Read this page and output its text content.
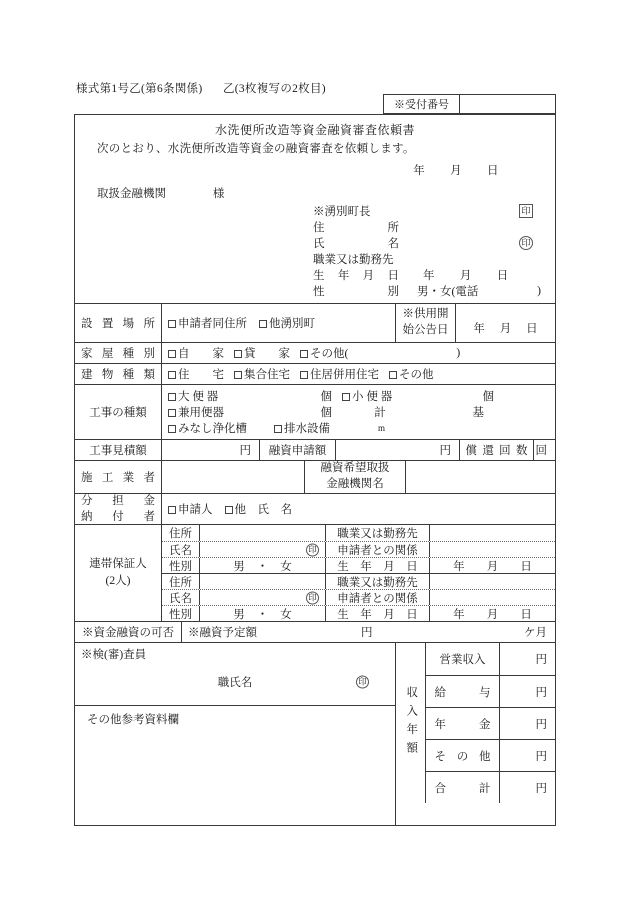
様式第1号乙(第6条関係) 乙(3枚複写の2枚目)
※受付番号
水洗便所改造等資金融資審査依頼書
次のとおり、水洗便所改造等資金の融資審査を依頼します。
年 月 日
取扱金融機関	様
※湧別町長	印
住　　　所
氏　　　名	印
職業又は勤務先
生 年 月 日 年 月 日
性　　　別 男・女(電話	)
設置場所	申請者同住所	他湧別町
※供用開
始公告日 年 月 日
家屋種別	自　　家	貸　　家	その他(	)
建物種類	住　　宅	集合住宅	住居併用住宅	その他
工事の種類
大 便 器	個	小 便 器	個
兼用便器	個	計	基
みなし浄化槽	排水設備	m
工事見積額	円 融資申請額	円 償還回数 回
施工業者
融資希望取扱
金融機関名
分　担　金
納　付　者
申請人	他　氏　名
連帯保証人
(2人)
住所	職業又は勤務先
氏名	印	申請者との関係
性別	男 ・ 女	生　年　月　日	年 月 日
住所	職業又は勤務先
氏名	印	申請者との関係
性別	男 ・ 女	生　年　月　日	年 月 日
※資金融資の可否 ※融資予定額	円	ケ月
※検(審)査員
職氏名	印
その他参考資料欄	収入年額
営業収入	円
給　　与	円
年　　金	円
そ の 他	円
合　　計	円
